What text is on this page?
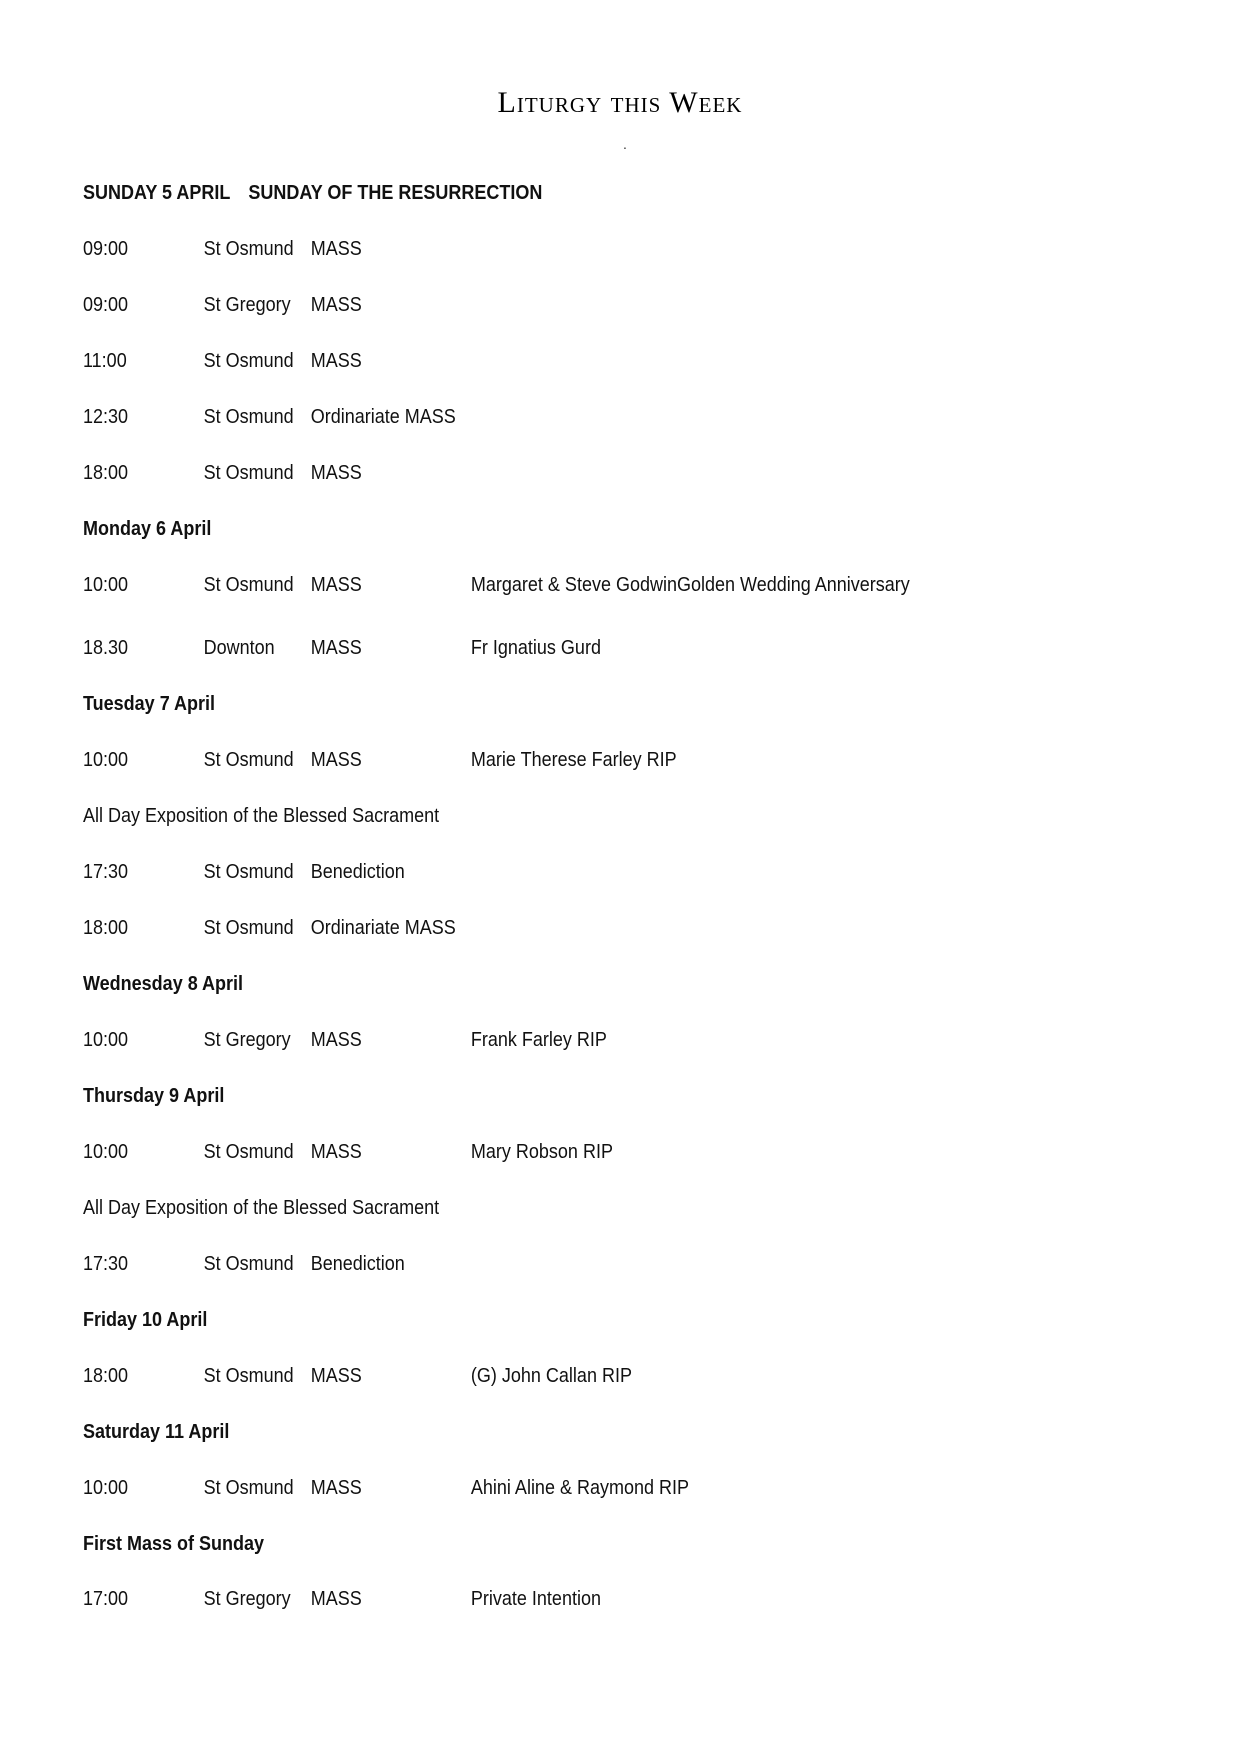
Liturgy this Week
.
SUNDAY 5 APRIL SUNDAY OF THE RESURRECTION
09:00	St Osmund MASS
09:00	St Gregory MASS
11:00	St Osmund MASS
12:30	St Osmund Ordinariate MASS
18:00	St Osmund MASS
Monday 6 April
10:00	St Osmund MASS	Margaret & Steve GodwinGolden Wedding Anniversary
18.30	Downton MASS	Fr Ignatius Gurd
Tuesday 7 April
10:00	St Osmund MASS	Marie Therese Farley RIP
All Day Exposition of the Blessed Sacrament
17:30	St Osmund Benediction
18:00	St Osmund Ordinariate MASS
Wednesday 8 April
10:00	St Gregory MASS	Frank Farley RIP
Thursday 9 April
10:00	St Osmund MASS	Mary Robson RIP
All Day Exposition of the Blessed Sacrament
17:30	St Osmund Benediction
Friday 10 April
18:00	St Osmund MASS	(G) John Callan RIP
Saturday 11 April
10:00	St Osmund MASS	Ahini Aline & Raymond RIP
First Mass of Sunday
17:00	St Gregory MASS	Private Intention
